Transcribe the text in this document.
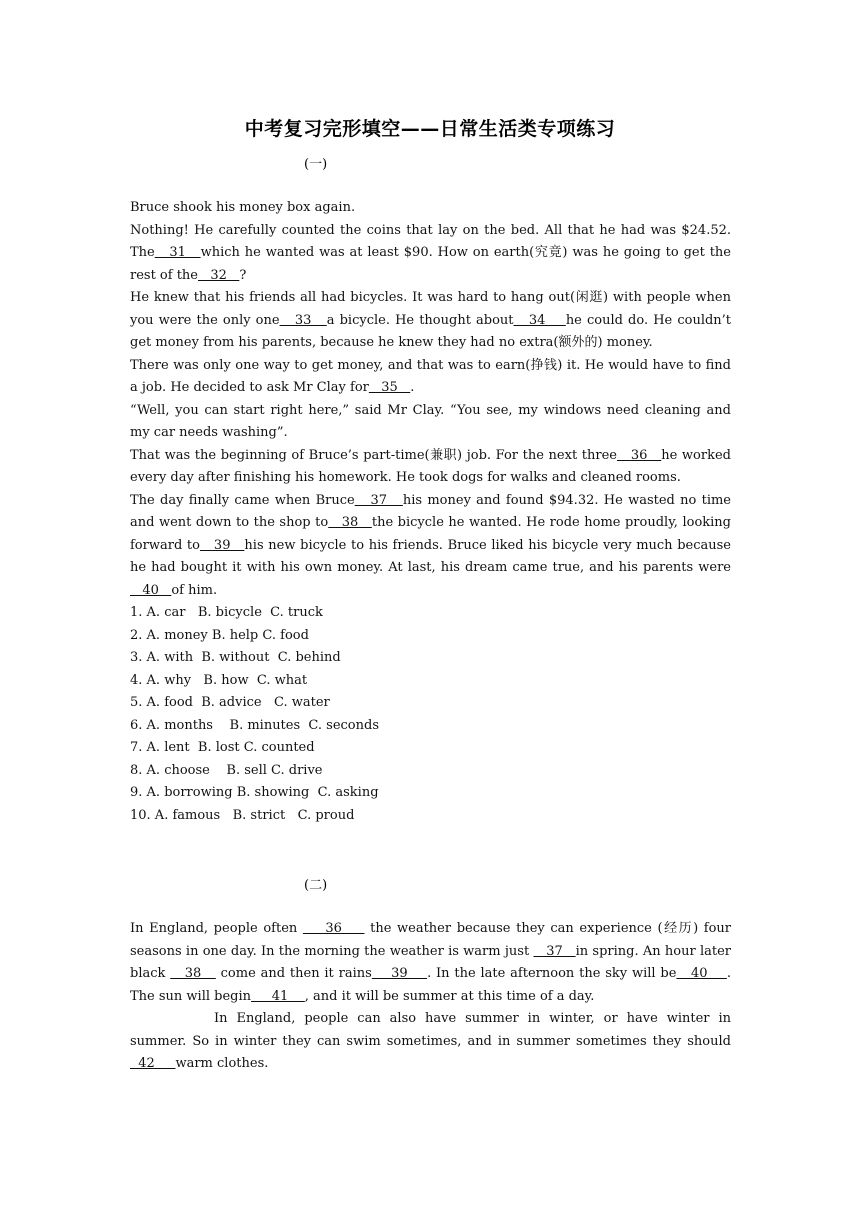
中考复习完形填空——日常生活类专项练习
(一)

Bruce shook his money box again.

Nothing! He carefully counted the coins that lay on the bed. All that he had was $24.52. The   31   which he wanted was at least $90. How on earth(究竟) was he going to get the rest of the   32   ?

He knew that his friends all had bicycles. It was hard to hang out(闲逛) with people when you were the only one   33   a bicycle. He thought about   34    he could do. He couldn’t get money from his parents, because he knew they had no extra(额外的) money.

There was only one way to get money, and that was to earn(挣钱) it. He would have to find a job. He decided to ask Mr Clay for   35   .

“Well, you can start right here,” said Mr Clay. “You see, my windows need cleaning and my car needs washing”.

That was the beginning of Bruce’s part-time(兼职) job. For the next three   36   he worked every day after finishing his homework. He took dogs for walks and cleaned rooms.

The day finally came when Bruce   37   his money and found $94.32. He wasted no time and went down to the shop to   38   the bicycle he wanted. He rode home proudly, looking forward to   39   his new bicycle to his friends. Bruce liked his bicycle very much because he had bought it with his own money. At last, his dream came true, and his parents were   40   of him.

1. A. car   B. bicycle  C. truck
2. A. money B. help C. food
3. A. with  B. without  C. behind
4. A. why   B. how  C. what
5. A. food  B. advice   C. water
6. A. months    B. minutes  C. seconds
7. A. lent  B. lost C. counted
8. A. choose    B. sell C. drive
9. A. borrowing B. showing  C. asking
10. A. famous   B. strict   C. proud
(二)

In England, people often     36     the weather because they can experience (经历) four seasons in one day. In the morning the weather is warm just    37   in spring. An hour later black    38    come and then it rains    39    . In the late afternoon the sky will be   40    . The sun will begin     41    , and it will be summer at this time of a day.

In England, people can also have summer in winter, or have winter in summer. So in winter they can swim sometimes, and in summer sometimes they should   42     warm clothes.
